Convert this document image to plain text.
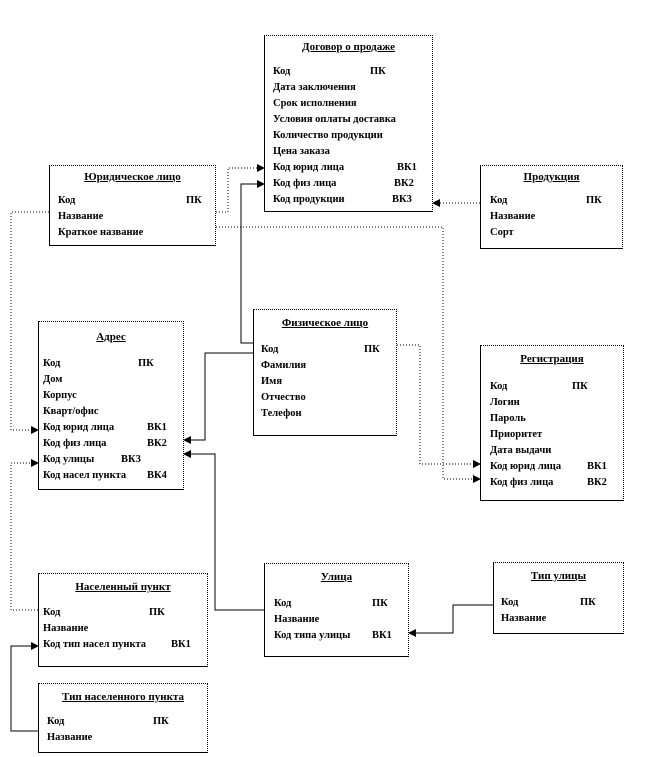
Договор о продаже
Код	ПК
Дата заключения
Срок исполнения
Условия оплаты доставка
Количество продукции
Цена заказа
Код юрид лица	ВК1
Код физ лица	ВК2
Код продукции	ВК3
Юридическое лицо
Код	ПК
Название
Краткое название
Продукция
Код	ПК
Название
Сорт
Адрес
Код	ПК
Дом
Корпус
Кварт/офис
Код юрид лица	ВК1
Код физ лица	ВК2
Код улицы	ВК3
Код насел пункта ВК4
Физическое лицо
Код	ПК
Фамилия
Имя
Отчество
Телефон
Регистрация
Код	ПК
Логин
Пароль
Приоритет
Дата выдачи
Код юрид лица ВК1
Код физ лица	ВК2
Населенный пункт
Код	ПК
Название
Код тип насел пункта ВК1
Улица
Код	ПК
Название
Код типа улицы ВК1
Тип улицы
Код	ПК
Название
Тип населенного пункта
Код	ПК
Название
